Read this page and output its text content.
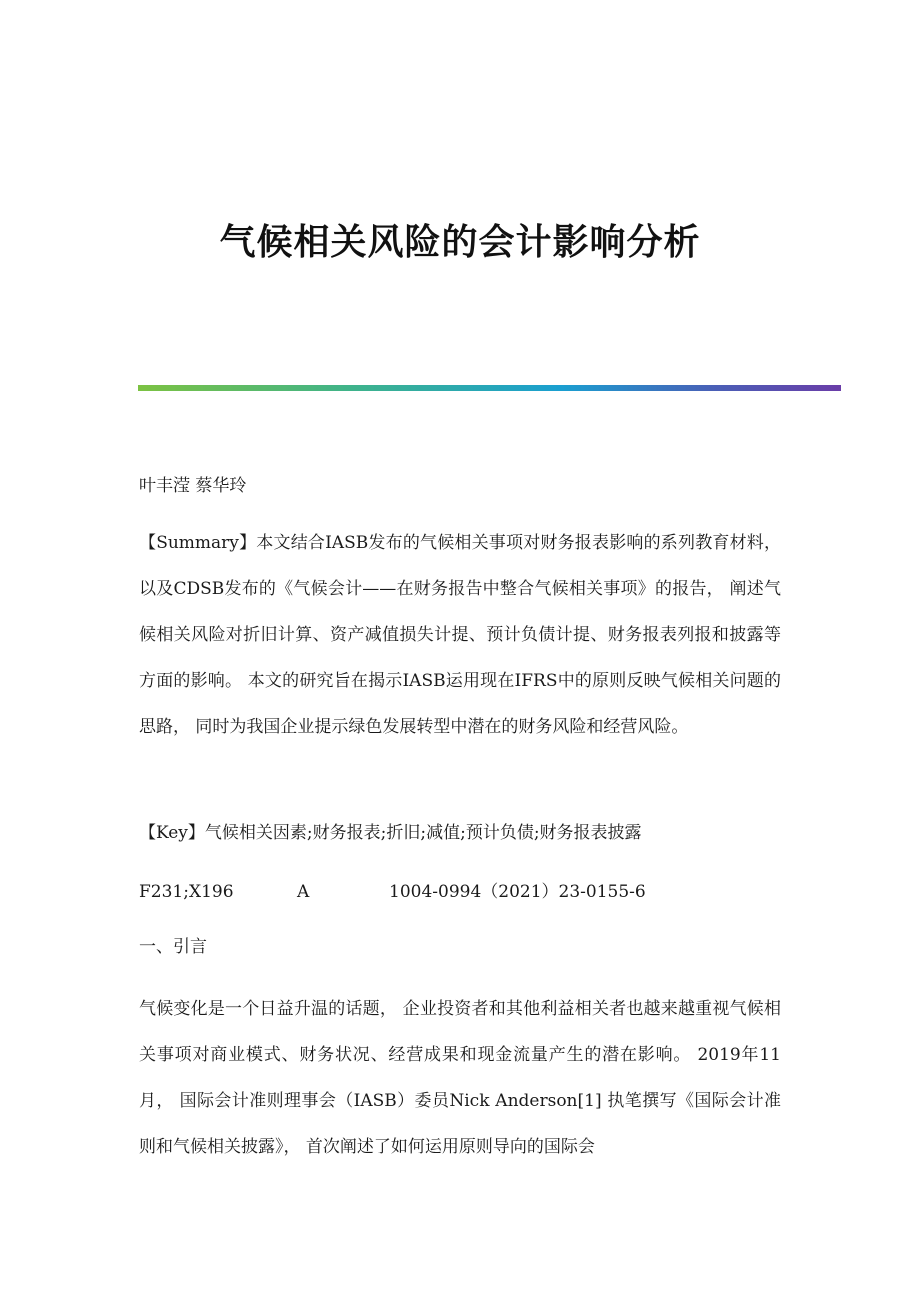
气候相关风险的会计影响分析
叶丰滢 蔡华玲

【Summary】本文结合IASB发布的气候相关事项对财务报表影响的系列教育材料， 以及CDSB发布的《气候会计——在财务报告中整合气候相关事项》的报告， 阐述气候相关风险对折旧计算、资产减值损失计提、预计负债计提、财务报表列报和披露等方面的影响。 本文的研究旨在揭示IASB运用现在IFRS中的原则反映气候相关问题的思路， 同时为我国企业提示绿色发展转型中潜在的财务风险和经营风险。

【Key】气候相关因素;财务报表;折旧;减值;预计负债;财务报表披露
F231;X196	A	1004-0994（2021）23-0155-6
一、引言

气候变化是一个日益升温的话题， 企业投资者和其他利益相关者也越来越重视气候相关事项对商业模式、财务状况、经营成果和现金流量产生的潜在影响。 2019年11月， 国际会计准则理事会（IASB）委员Nick Anderson[1] 执笔撰写《国际会计准则和气候相关披露》， 首次阐述了如何运用原则导向的国际会
